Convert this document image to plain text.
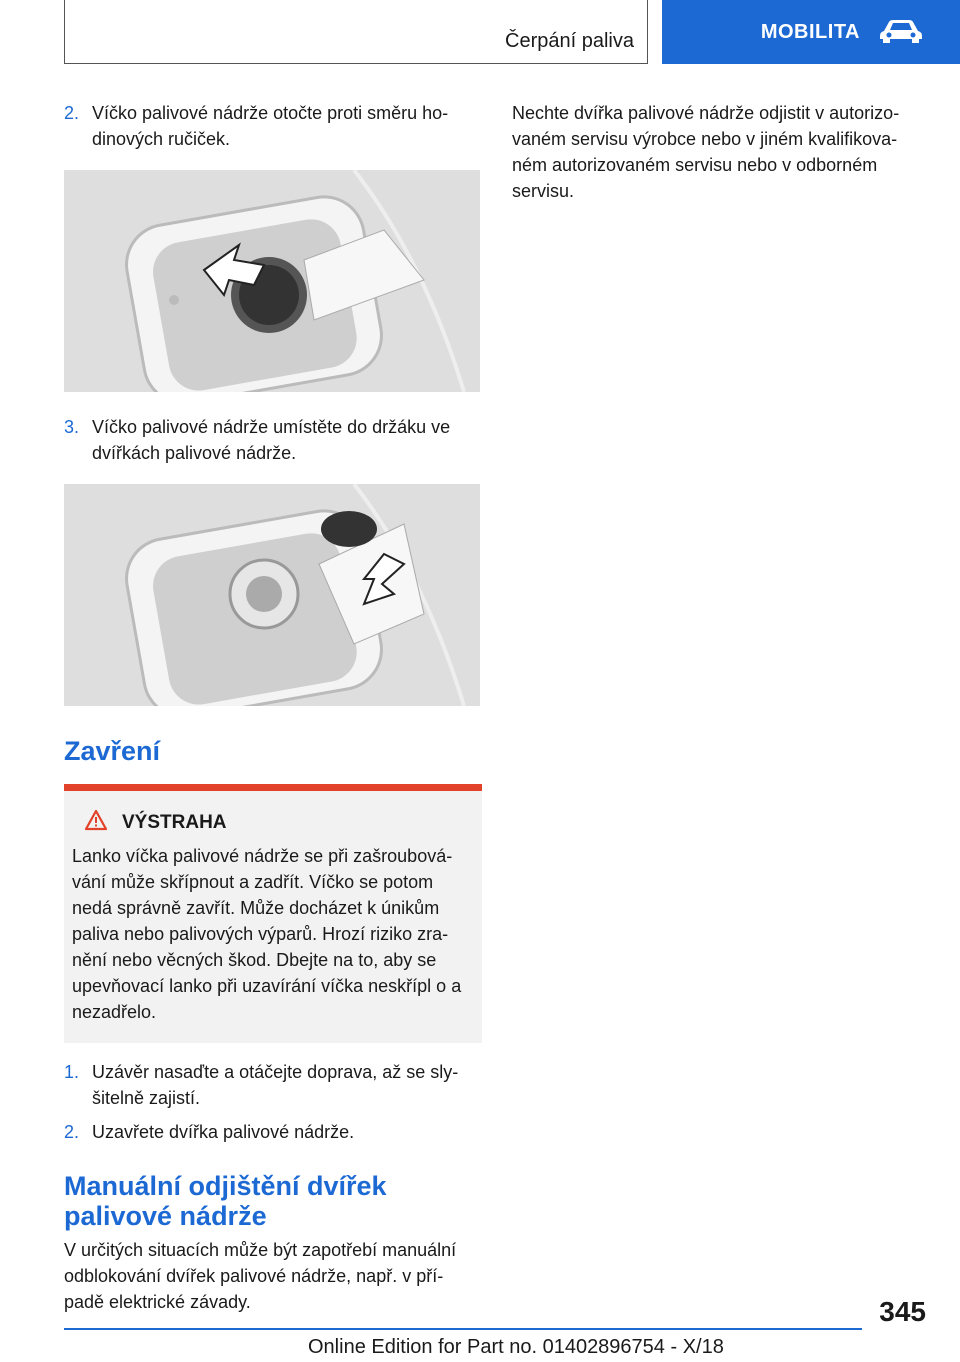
Čerpání paliva	MOBILITA
2. Víčko palivové nádrže otočte proti směru ho‐dinových ručiček.
3. Víčko palivové nádrže umístěte do držáku ve dvířkách palivové nádrže.
Zavření
VÝSTRAHA

Lanko víčka palivové nádrže se při zašroubová‐vání může skřípnout a zadřít. Víčko se potom nedá správně zavřít. Může docházet k únikům paliva nebo palivových výparů. Hrozí riziko zra‐nění nebo věcných škod. Dbejte na to, aby se upevňovací lanko při uzavírání víčka neskřípl o a nezadřelo.

1. Uzávěr nasaďte a otáčejte doprava, až se sly‐šitelně zajistí.
2. Uzavřete dvířka palivové nádrže.
Manuální odjištění dvířek palivové nádrže

V určitých situacích může být zapotřebí manuální odblokování dvířek palivové nádrže, např. v pří‐padě elektrické závady.

Nechte dvířka palivové nádrže odjistit v autorizo‐vaném servisu výrobce nebo v jiném kvalifikova‐ném autorizovaném servisu nebo v odborném servisu.

345
Online Edition for Part no. 01402896754 - X/18
